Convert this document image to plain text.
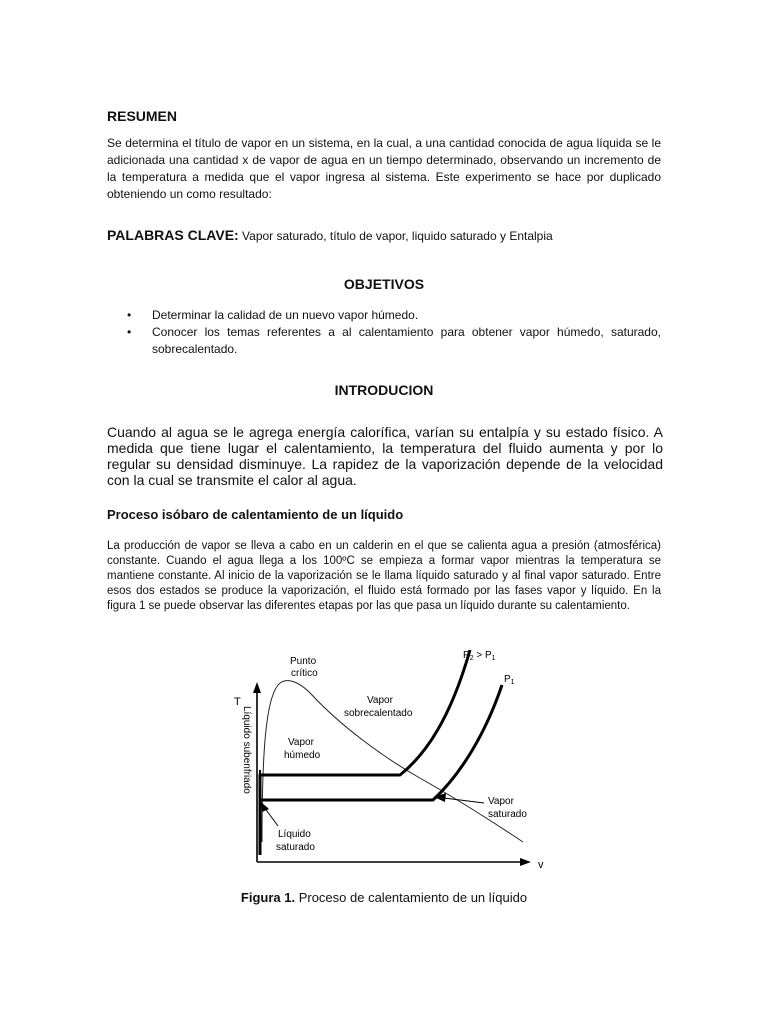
RESUMEN
Se determina el título de vapor en un sistema, en la cual, a una cantidad conocida de agua líquida se le adicionada una cantidad x de vapor de agua en un tiempo determinado, observando un incremento de la temperatura a medida que el vapor ingresa al sistema. Este experimento se hace por duplicado obteniendo un como resultado:
PALABRAS CLAVE: Vapor saturado, título de vapor, liquido saturado y Entalpia
OBJETIVOS
• Determinar la calidad de un nuevo vapor húmedo.
• Conocer los temas referentes a al calentamiento para obtener vapor húmedo, saturado, sobrecalentado.
INTRODUCION
Cuando al agua se le agrega energía calorífica, varían su entalpía y su estado físico. A medida que tiene lugar el calentamiento, la temperatura del fluido aumenta y por lo regular su densidad disminuye. La rapidez de la vaporización depende de la velocidad con la cual se transmite el calor al agua.
Proceso isóbaro de calentamiento de un líquido
La producción de vapor se lleva a cabo en un calderin en el que se calienta agua a presión (atmosférica) constante. Cuando el agua llega a los 100ºC se empieza a formar vapor mientras la temperatura se mantiene constante. Al inicio de la vaporización se le llama líquido saturado y al final vapor saturado. Entre esos dos estados se produce la vaporización, el fluido está formado por las fases vapor y líquido. En la figura 1 se puede observar las diferentes etapas por las que pasa un líquido durante su calentamiento.
Punto
crítico
T
v
Líquido subenfriado
Vapor
sobrecalentado
Vapor
húmedo
Vapor
saturado
Líquido
saturado
$P_2 > P_1$
$P_1$
Figura 1. Proceso de calentamiento de un líquido
